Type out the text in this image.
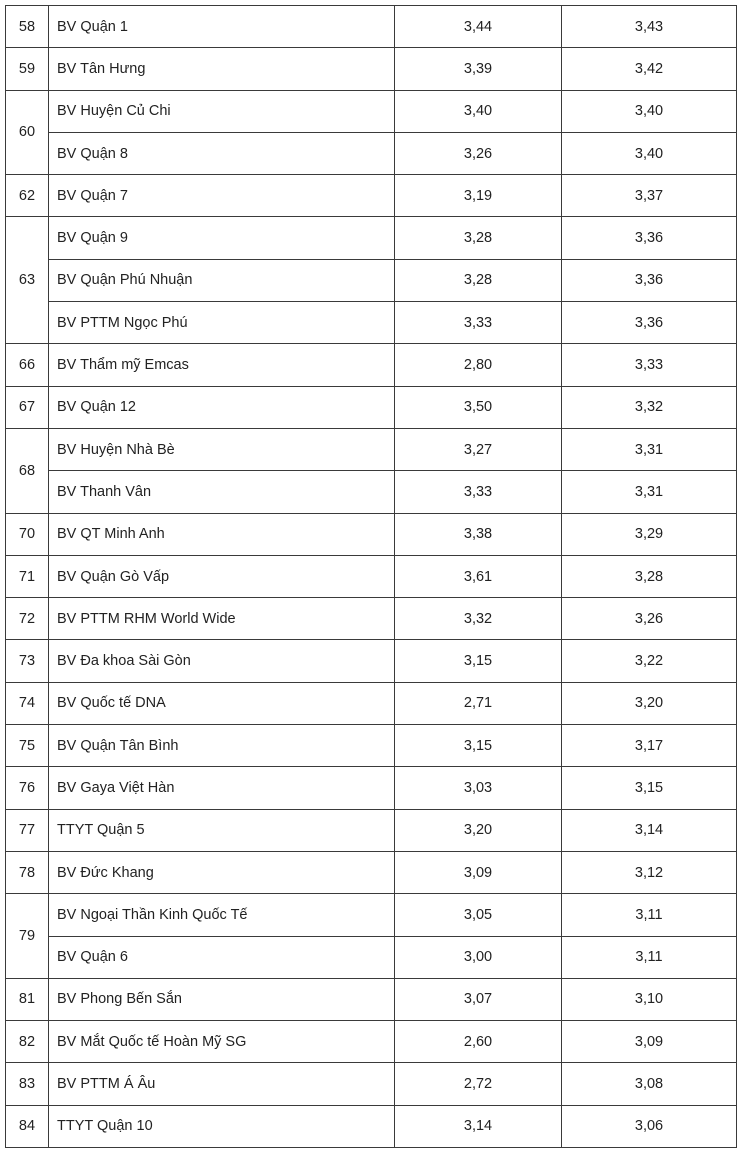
58	BV Quận 1	3,44	3,43
59	BV Tân Hưng	3,39	3,42
60	BV Huyện Củ Chi	3,40	3,40
	BV Quận 8	3,26	3,40
62	BV Quận 7	3,19	3,37
63	BV Quận 9	3,28	3,36
	BV Quận Phú Nhuận	3,28	3,36
	BV PTTM Ngọc Phú	3,33	3,36
66	BV Thẩm mỹ Emcas	2,80	3,33
67	BV Quận 12	3,50	3,32
68	BV Huyện Nhà Bè	3,27	3,31
	BV Thanh Vân	3,33	3,31
70	BV QT Minh Anh	3,38	3,29
71	BV Quận Gò Vấp	3,61	3,28
72	BV PTTM RHM World Wide	3,32	3,26
73	BV Đa khoa Sài Gòn	3,15	3,22
74	BV Quốc tế DNA	2,71	3,20
75	BV Quận Tân Bình	3,15	3,17
76	BV Gaya Việt Hàn	3,03	3,15
77	TTYT Quận 5	3,20	3,14
78	BV Đức Khang	3,09	3,12
79	BV Ngoại Thần Kinh Quốc Tế	3,05	3,11
	BV Quận 6	3,00	3,11
81	BV Phong Bến Sắn	3,07	3,10
82	BV Mắt Quốc tế Hoàn Mỹ SG	2,60	3,09
83	BV PTTM Á Âu	2,72	3,08
84	TTYT Quận 10	3,14	3,06
